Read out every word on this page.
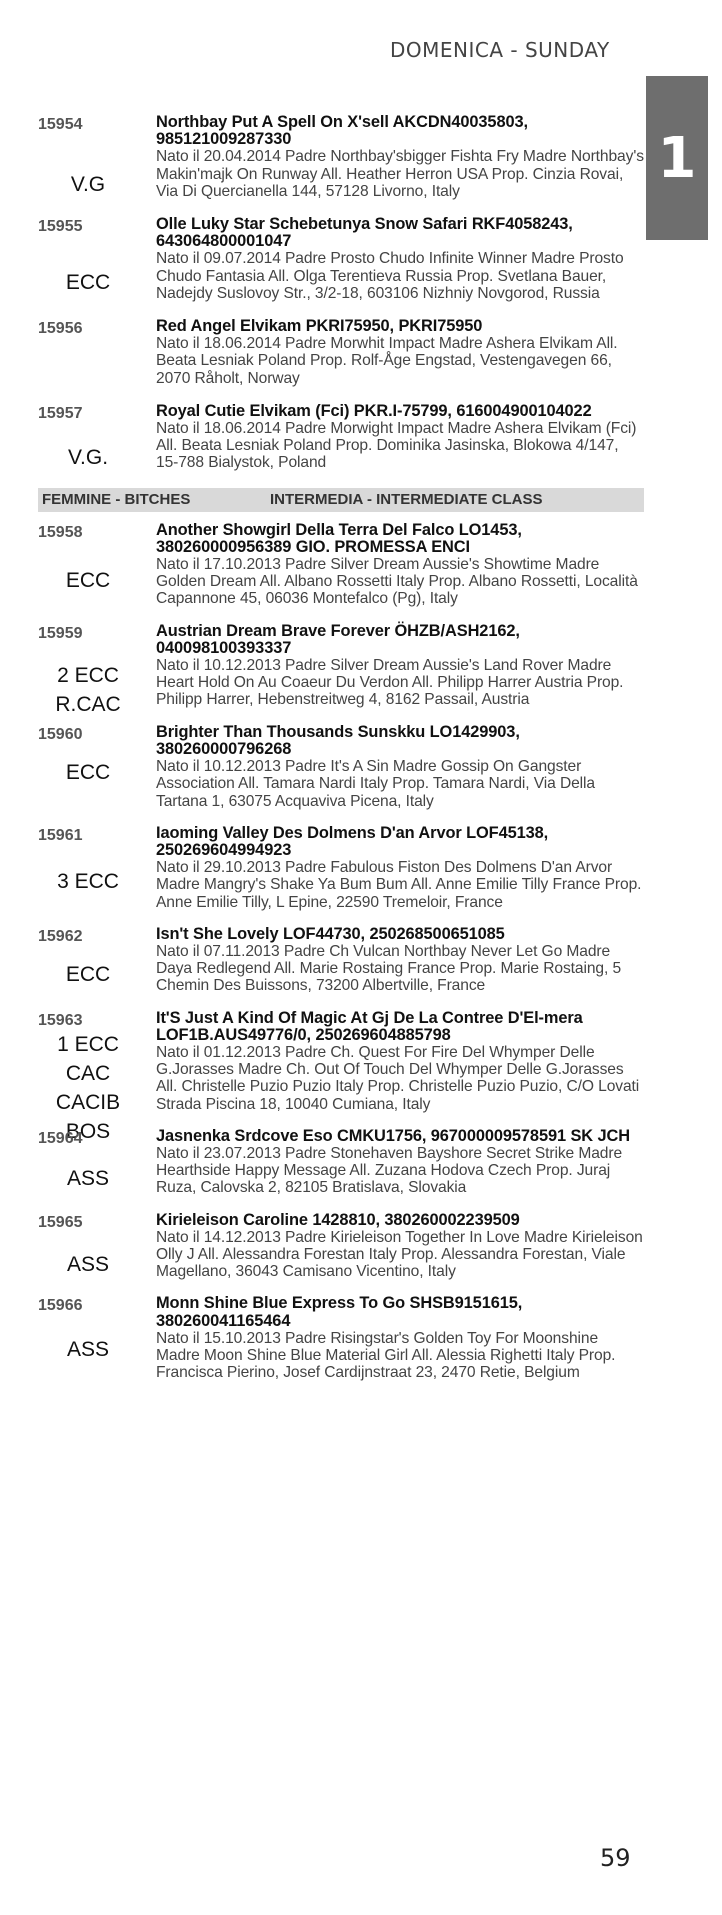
DOMENICA - SUNDAY
1
15954
V.G
Northbay Put A Spell On X'sell AKCDN40035803, 985121009287330
Nato il 20.04.2014 Padre Northbay'sbigger Fishta Fry Madre Northbay's Makin'majk On Runway All. Heather Herron USA Prop. Cinzia Rovai, Via Di Quercianella 144, 57128 Livorno, Italy
15955
ECC
Olle Luky Star Schebetunya Snow Safari RKF4058243, 643064800001047
Nato il 09.07.2014 Padre Prosto Chudo Infinite Winner Madre Prosto Chudo Fantasia All. Olga Terentieva Russia Prop. Svetlana Bauer, Nadejdy Suslovoy Str., 3/2-18, 603106 Nizhniy Novgorod, Russia
15956	Red Angel Elvikam PKRI75950, PKRI75950
Nato il 18.06.2014 Padre Morwhit Impact Madre Ashera Elvikam All. Beata Lesniak Poland Prop. Rolf-Åge Engstad, Vestengavegen 66, 2070 Råholt, Norway
15957
V.G.
Royal Cutie Elvikam (Fci) PKR.I-75799, 616004900104022
Nato il 18.06.2014 Padre Morwight Impact Madre Ashera Elvikam (Fci) All. Beata Lesniak Poland Prop. Dominika Jasinska, Blokowa 4/147, 15-788 Bialystok, Poland
FEMMINE - BITCHES	INTERMEDIA - INTERMEDIATE CLASS
15958
ECC
Another Showgirl Della Terra Del Falco LO1453, 380260000956389 GIO. PROMESSA ENCI
Nato il 17.10.2013 Padre Silver Dream Aussie's Showtime Madre Golden Dream All. Albano Rossetti Italy Prop. Albano Rossetti, Località Capannone 45, 06036 Montefalco (Pg), Italy
15959
2 ECC
R.CAC
Austrian Dream Brave Forever ÖHZB/ASH2162, 040098100393337
Nato il 10.12.2013 Padre Silver Dream Aussie's Land Rover Madre Heart Hold On Au Coaeur Du Verdon All. Philipp Harrer Austria Prop. Philipp Harrer, Hebenstreitweg 4, 8162 Passail, Austria
15960
ECC
Brighter Than Thousands Sunskku LO1429903, 380260000796268
Nato il 10.12.2013 Padre It's A Sin Madre Gossip On Gangster Association All. Tamara Nardi Italy Prop. Tamara Nardi, Via Della Tartana 1, 63075 Acquaviva Picena, Italy
15961
3 ECC
Iaoming Valley Des Dolmens D'an Arvor LOF45138, 250269604994923
Nato il 29.10.2013 Padre Fabulous Fiston Des Dolmens D'an Arvor Madre Mangry's Shake Ya Bum Bum All. Anne Emilie Tilly France Prop. Anne Emilie Tilly, L Epine, 22590 Tremeloir, France
15962
ECC
Isn't She Lovely LOF44730, 250268500651085
Nato il 07.11.2013 Padre Ch Vulcan Northbay Never Let Go Madre Daya Redlegend All. Marie Rostaing France Prop. Marie Rostaing, 5 Chemin Des Buissons, 73200 Albertville, France
15963
1 ECC
CAC
CACIB
BOS
It'S Just A Kind Of Magic At Gj De La Contree D'El-mera LOF1B.AUS49776/0, 250269604885798
Nato il 01.12.2013 Padre Ch. Quest For Fire Del Whymper Delle G.Jorasses Madre Ch. Out Of Touch Del Whymper Delle G.Jorasses All. Christelle Puzio Puzio Italy Prop. Christelle Puzio Puzio, C/O Lovati Strada Piscina 18, 10040 Cumiana, Italy
15964
ASS
Jasnenka Srdcove Eso CMKU1756, 967000009578591 SK JCH
Nato il 23.07.2013 Padre Stonehaven Bayshore Secret Strike Madre Hearthside Happy Message All. Zuzana Hodova Czech Prop. Juraj Ruza, Calovska 2, 82105 Bratislava, Slovakia
15965
ASS
Kirieleison Caroline 1428810, 380260002239509
Nato il 14.12.2013 Padre Kirieleison Together In Love Madre Kirieleison Olly J All. Alessandra Forestan Italy Prop. Alessandra Forestan, Viale Magellano, 36043 Camisano Vicentino, Italy
15966
ASS
Monn Shine Blue Express To Go SHSB9151615, 380260041165464
Nato il 15.10.2013 Padre Risingstar's Golden Toy For Moonshine Madre Moon Shine Blue Material Girl All. Alessia Righetti Italy Prop. Francisca Pierino, Josef Cardijnstraat 23, 2470 Retie, Belgium
59
